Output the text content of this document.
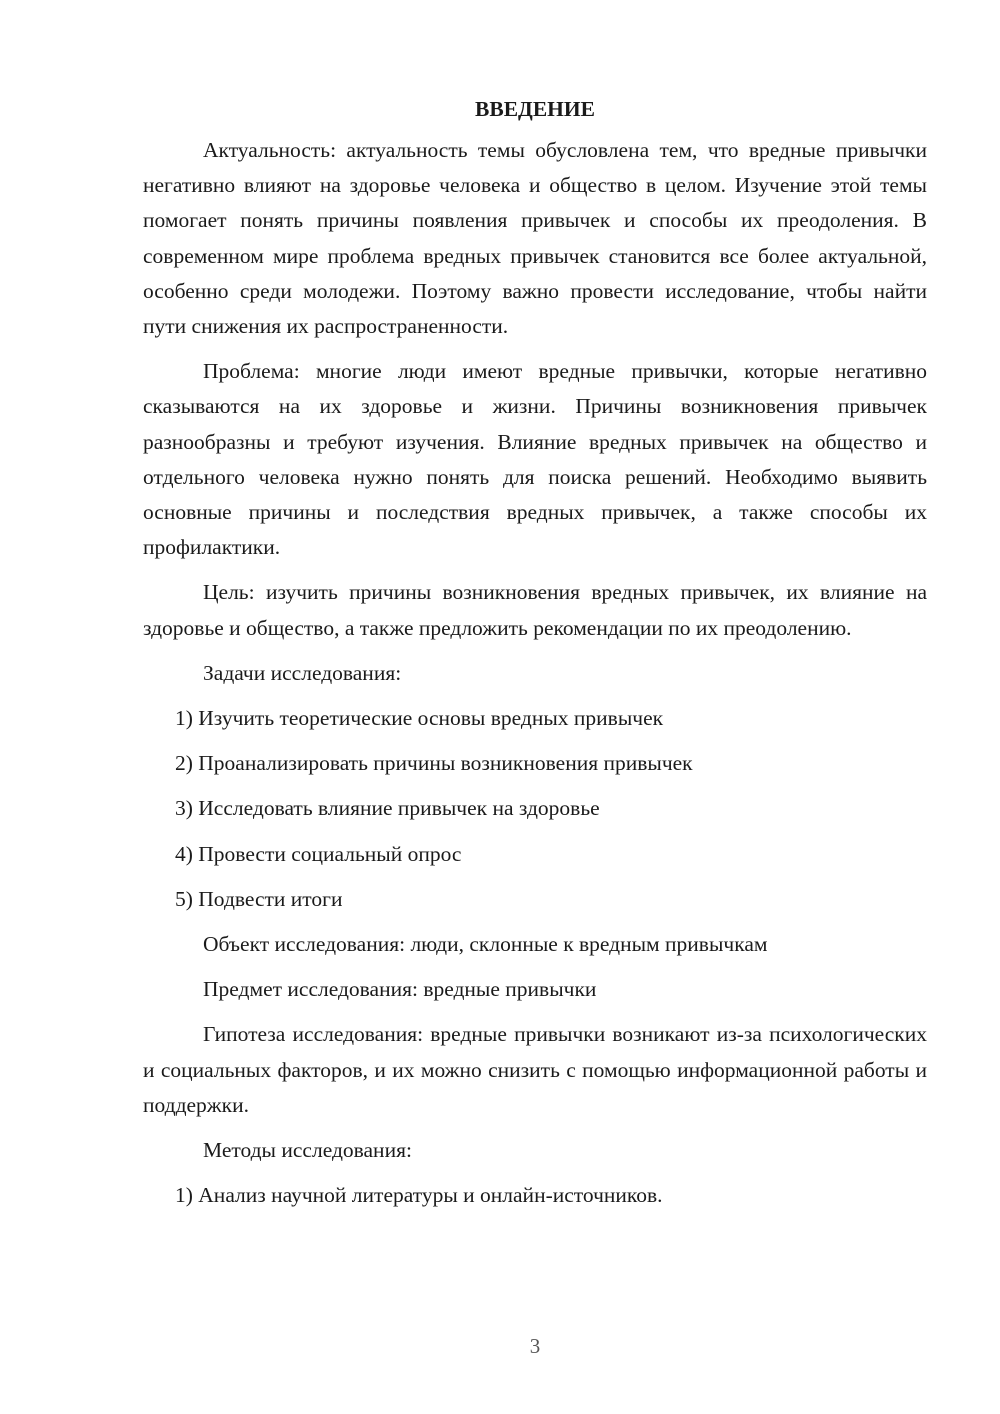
ВВЕДЕНИЕ

Актуальность: актуальность темы обусловлена тем, что вредные привычки негативно влияют на здоровье человека и общество в целом. Изучение этой темы помогает понять причины появления привычек и способы их преодоления. В современном мире проблема вредных привычек становится все более актуальной, особенно среди молодежи. Поэтому важно провести исследование, чтобы найти пути снижения их распространенности.

Проблема: многие люди имеют вредные привычки, которые негативно сказываются на их здоровье и жизни. Причины возникновения привычек разнообразны и требуют изучения. Влияние вредных привычек на общество и отдельного человека нужно понять для поиска решений. Необходимо выявить основные причины и последствия вредных привычек, а также способы их профилактики.

Цель: изучить причины возникновения вредных привычек, их влияние на здоровье и общество, а также предложить рекомендации по их преодолению.

Задачи исследования:
1) Изучить теоретические основы вредных привычек
2) Проанализировать причины возникновения привычек
3) Исследовать влияние привычек на здоровье
4) Провести социальный опрос
5) Подвести итоги
Объект исследования: люди, склонные к вредным привычкам
Предмет исследования: вредные привычки

Гипотеза исследования: вредные привычки возникают из-за психологических и социальных факторов, и их можно снизить с помощью информационной работы и поддержки.

Методы исследования:
1) Анализ научной литературы и онлайн-источников.
3
